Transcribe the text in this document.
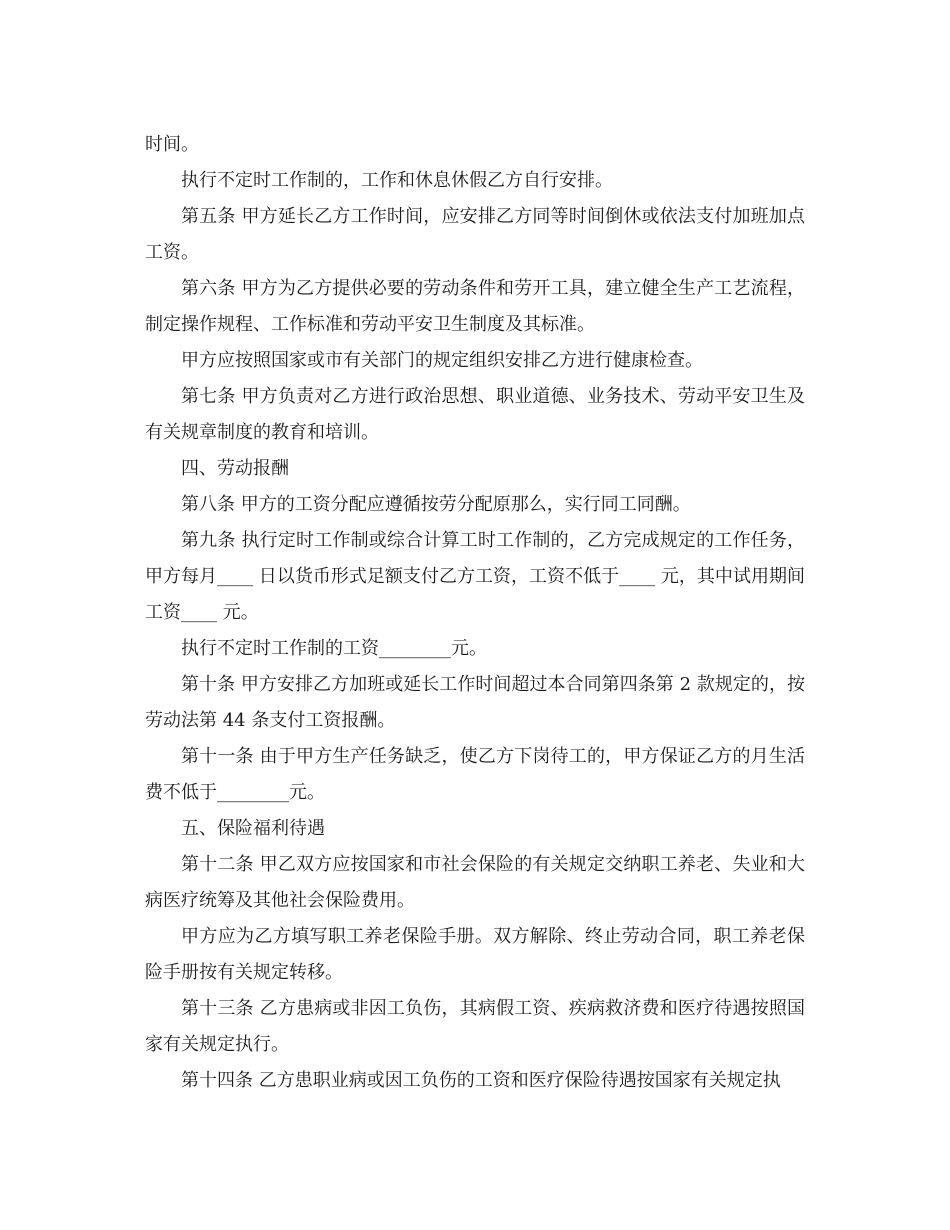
时间。

执行不定时工作制的，工作和休息休假乙方自行安排。

第五条 甲方延长乙方工作时间，应安排乙方同等时间倒休或依法支付加班加点工资。

第六条 甲方为乙方提供必要的劳动条件和劳开工具，建立健全生产工艺流程，制定操作规程、工作标准和劳动平安卫生制度及其标准。

甲方应按照国家或市有关部门的规定组织安排乙方进行健康检查。

第七条 甲方负责对乙方进行政治思想、职业道德、业务技术、劳动平安卫生及有关规章制度的教育和培训。

四、劳动报酬

第八条 甲方的工资分配应遵循按劳分配原那么，实行同工同酬。

第九条 执行定时工作制或综合计算工时工作制的，乙方完成规定的工作任务，甲方每月____ 日以货币形式足额支付乙方工资，工资不低于____ 元，其中试用期间工资____ 元。

执行不定时工作制的工资________元。

第十条 甲方安排乙方加班或延长工作时间超过本合同第四条第 2 款规定的，按劳动法第 44 条支付工资报酬。

第十一条 由于甲方生产任务缺乏，使乙方下岗待工的，甲方保证乙方的月生活费不低于________元。

五、保险福利待遇

第十二条 甲乙双方应按国家和市社会保险的有关规定交纳职工养老、失业和大病医疗统筹及其他社会保险费用。

甲方应为乙方填写职工养老保险手册。双方解除、终止劳动合同，职工养老保险手册按有关规定转移。

第十三条 乙方患病或非因工负伤，其病假工资、疾病救济费和医疗待遇按照国家有关规定执行。

第十四条 乙方患职业病或因工负伤的工资和医疗保险待遇按国家有关规定执
